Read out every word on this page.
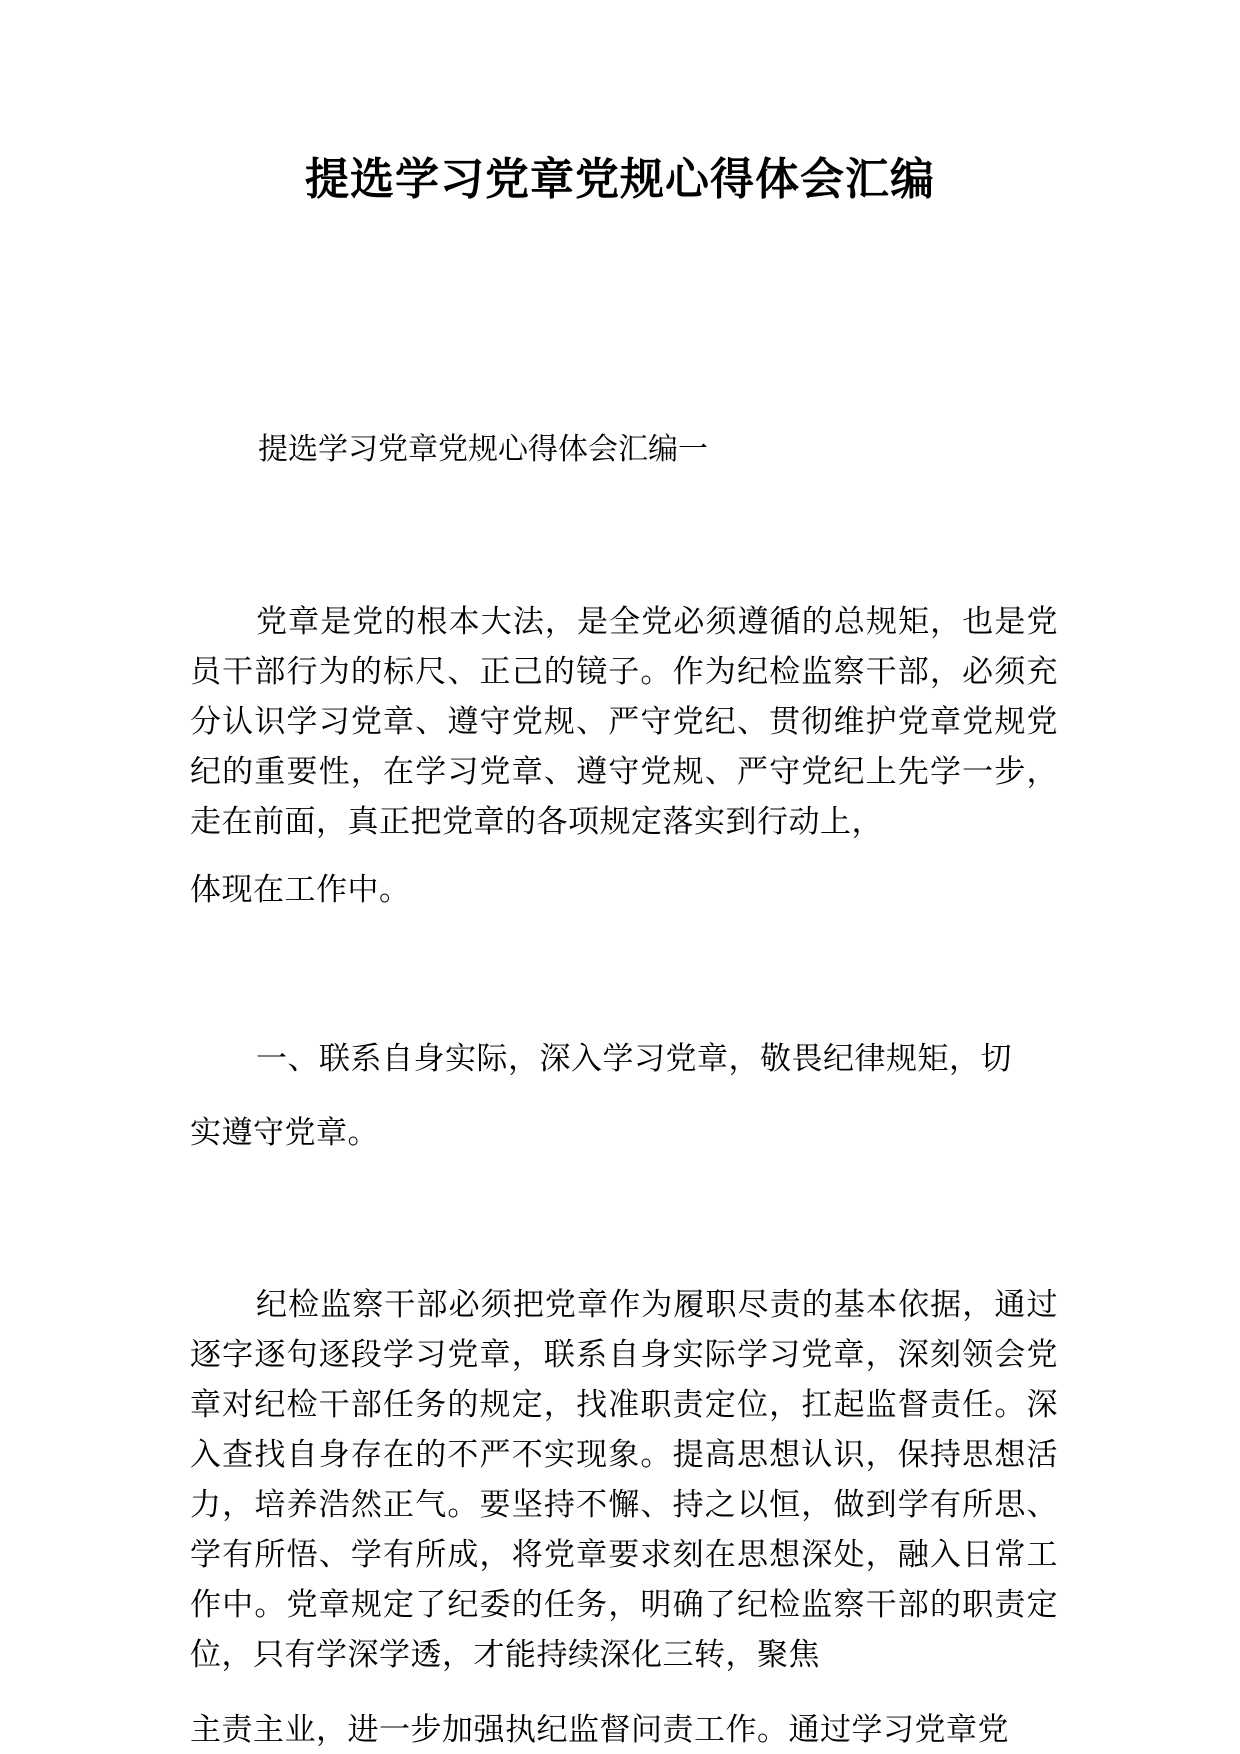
提选学习党章党规心得体会汇编

提选学习党章党规心得体会汇编一

党章是党的根本大法，是全党必须遵循的总规矩，也是党员干部行为的标尺、正己的镜子。作为纪检监察干部，必须充分认识学习党章、遵守党规、严守党纪、贯彻维护党章党规党纪的重要性，在学习党章、遵守党规、严守党纪上先学一步，走在前面，真正把党章的各项规定落实到行动上，

体现在工作中。

一、联系自身实际，深入学习党章，敬畏纪律规矩，切

实遵守党章。

纪检监察干部必须把党章作为履职尽责的基本依据，通过逐字逐句逐段学习党章，联系自身实际学习党章，深刻领会党章对纪检干部任务的规定，找准职责定位，扛起监督责任。深入查找自身存在的不严不实现象。提高思想认识，保持思想活力，培养浩然正气。要坚持不懈、持之以恒，做到学有所思、学有所悟、学有所成，将党章要求刻在思想深处，融入日常工作中。党章规定了纪委的任务，明确了纪检监察干部的职责定位，只有学深学透，才能持续深化三转，聚焦

主责主业，进一步加强执纪监督问责工作。通过学习党章党
